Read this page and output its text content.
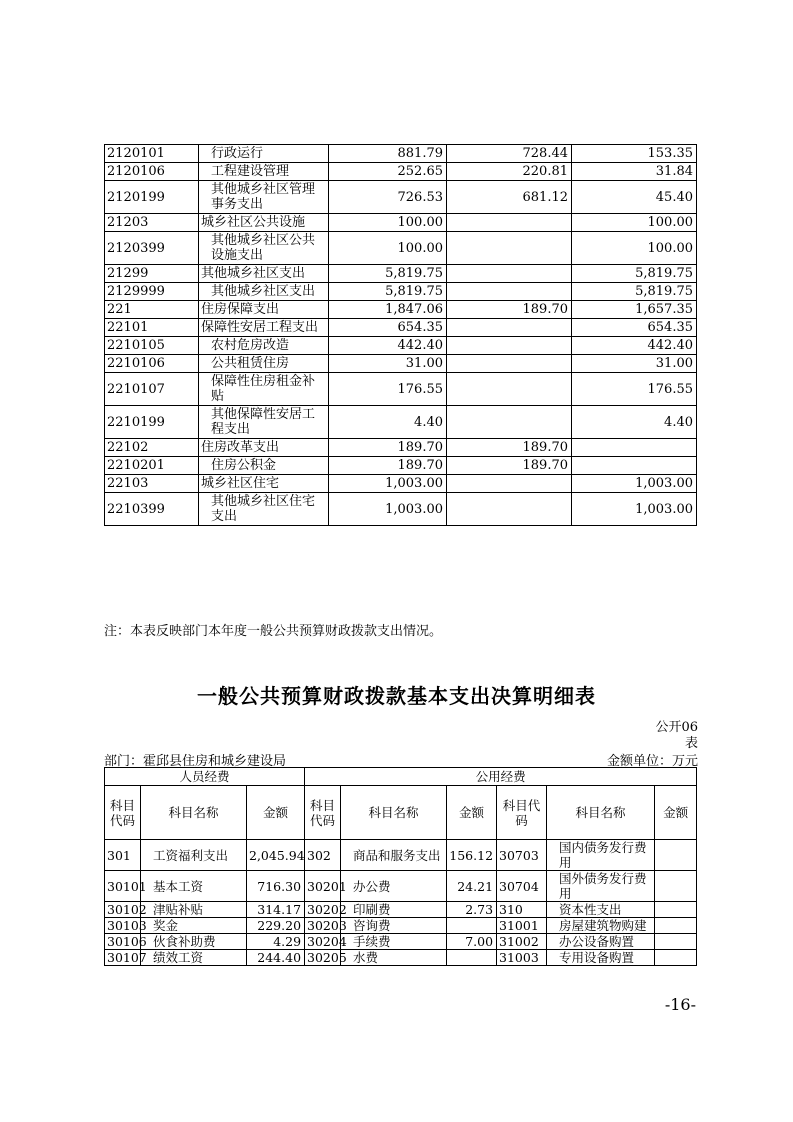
2120101	行政运行	881.79	728.44	153.35
2120106	工程建设管理	252.65	220.81	31.84
2120199	其他城乡社区管理事务支出	726.53	681.12	45.40
21203	城乡社区公共设施	100.00		100.00
2120399	其他城乡社区公共设施支出	100.00		100.00
21299	其他城乡社区支出	5,819.75		5,819.75
2129999	其他城乡社区支出	5,819.75		5,819.75
221	住房保障支出	1,847.06	189.70	1,657.35
22101	保障性安居工程支出	654.35		654.35
2210105	农村危房改造	442.40		442.40
2210106	公共租赁住房	31.00		31.00
2210107	保障性住房租金补贴	176.55		176.55
2210199	其他保障性安居工程支出	4.40		4.40
22102	住房改革支出	189.70	189.70	
2210201	住房公积金	189.70	189.70	
22103	城乡社区住宅	1,003.00		1,003.00
2210399	其他城乡社区住宅支出	1,003.00		1,003.00
注：本表反映部门本年度一般公共预算财政拨款支出情况。
一般公共预算财政拨款基本支出决算明细表
公开06
表
部门：霍邱县住房和城乡建设局	金额单位：万元
人员经费			公用经费					
科目代码	科目名称	金额	科目代码	科目名称	金额	科目代码	科目名称	金额
301	工资福利支出	2,045.94	302	商品和服务支出	156.12	30703	国内债务发行费用	
30101	基本工资	716.30	30201	办公费	24.21	30704	国外债务发行费用	
30102	津贴补贴	314.17	30202	印刷费	2.73	310	资本性支出	
30103	奖金	229.20	30203	咨询费		31001	房屋建筑物购建	
30106	伙食补助费	4.29	30204	手续费	7.00	31002	办公设备购置	
30107	绩效工资	244.40	30205	水费		31003	专用设备购置	
-16-
